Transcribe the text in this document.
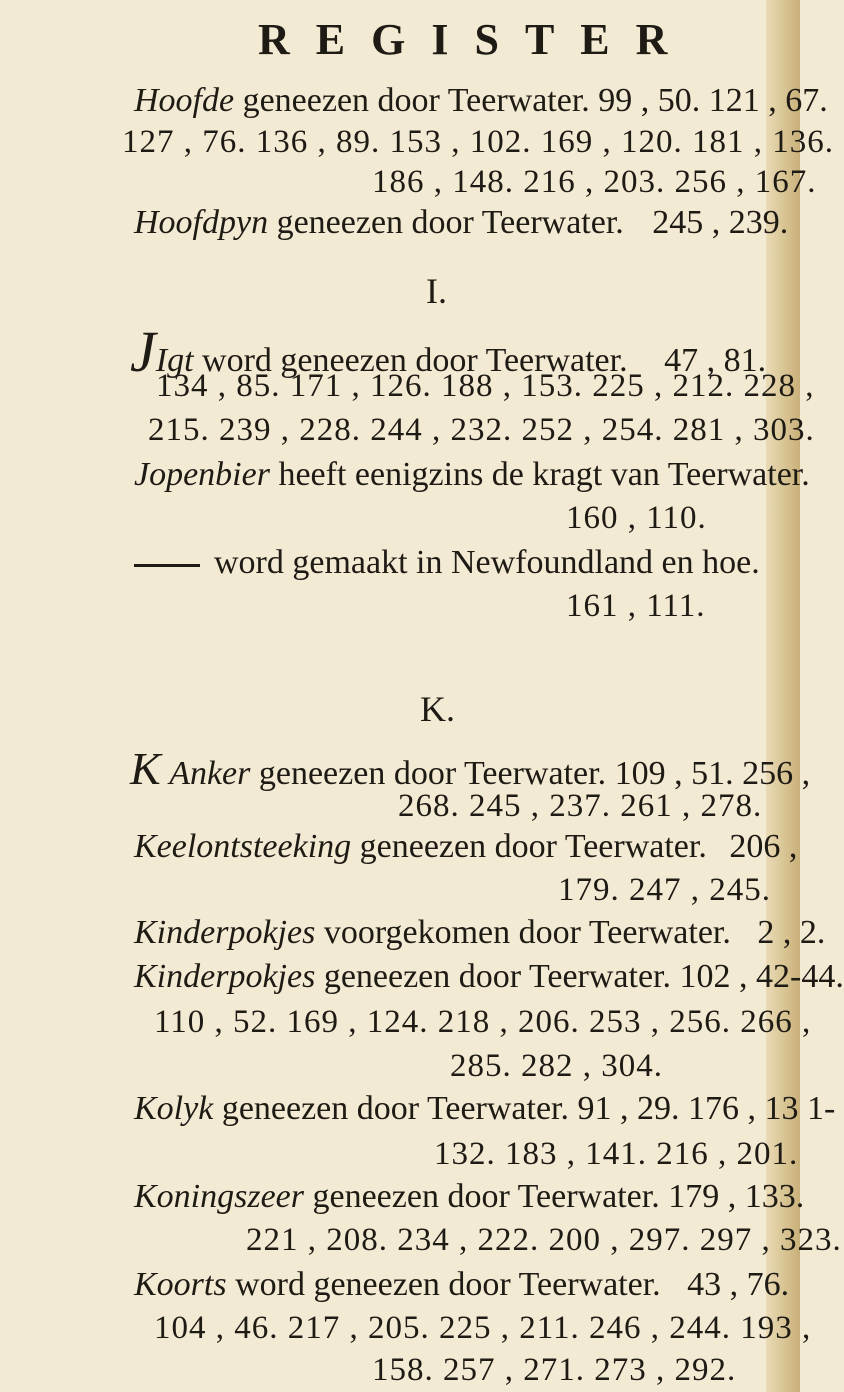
REGISTER
Hoofde geneezen door Teerwater. 99 , 50. 121 , 67.
127 , 76. 136 , 89. 153 , 102. 169 , 120. 181 , 136.
186 , 148. 216 , 203. 256 , 167.
Hoofdpyn geneezen door Teerwater. 245 , 239.
I.
JIgt word geneezen door Teerwater. 47 , 81.
134 , 85. 171 , 126. 188 , 153. 225 , 212. 228 ,
215. 239 , 228. 244 , 232. 252 , 254. 281 , 303.
Jopenbier heeft eenigzins de kragt van Teerwater.
160 , 110.
word gemaakt in Newfoundland en hoe.
161 , 111.
K.
K Anker geneezen door Teerwater. 109 , 51. 256 ,
268. 245 , 237. 261 , 278.
Keelontsteeking geneezen door Teerwater. 206 ,
179. 247 , 245.
Kinderpokjes voorgekomen door Teerwater. 2 , 2.
Kinderpokjes geneezen door Teerwater. 102 , 42-44.
110 , 52. 169 , 124. 218 , 206. 253 , 256. 266 ,
285. 282 , 304.
Kolyk geneezen door Teerwater. 91 , 29. 176 , 13 1-
132. 183 , 141. 216 , 201.
Koningszeer geneezen door Teerwater. 179 , 133.
221 , 208. 234 , 222. 200 , 297. 297 , 323.
Koorts word geneezen door Teerwater. 43 , 76.
104 , 46. 217 , 205. 225 , 211. 246 , 244. 193 ,
158. 257 , 271. 273 , 292.
